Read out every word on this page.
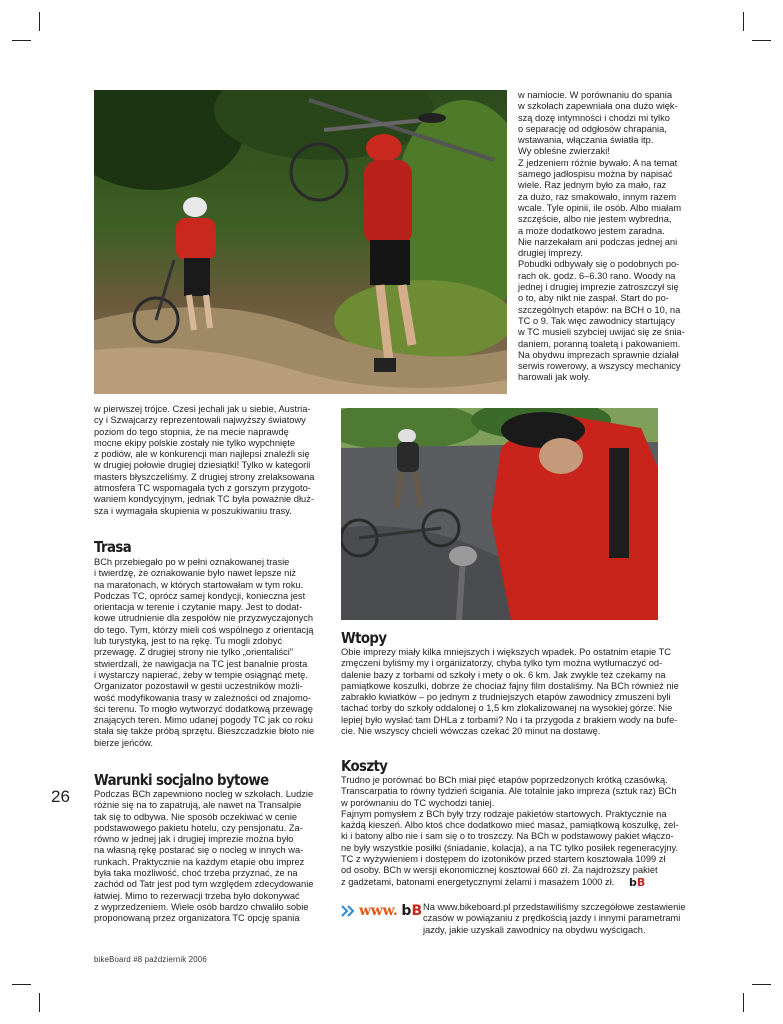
w namiocie. W porównaniu do spania
w szkołach zapewniała ona dużo więk-
szą dozę intymności i chodzi mi tylko
o separację od odgłosów chrapania,
wstawania, włączania światła itp.
Wy obleśne zwierzaki!
Z jedzeniem różnie bywało. A na temat
samego jadłospisu można by napisać
wiele. Raz jednym było za mało, raz
za dużo, raz smakowało, innym razem
wcale. Tyle opinii, ile osób. Albo miałam
szczęście, albo nie jestem wybredna,
a może dodatkowo jestem zaradna.
Nie narzekałam ani podczas jednej ani
drugiej imprezy.
Pobudki odbywały się o podobnych po-
rach ok. godz. 6–6.30 rano. Woody na
jednej i drugiej imprezie zatroszczył się
o to, aby nikt nie zaspał. Start do po-
szczególnych etapów: na BCH o 10, na
TC o 9. Tak więc zawodnicy startujący
w TC musieli szybciej uwijać się ze śnia-
daniem, poranną toaletą i pakowaniem.
Na obydwu imprezach sprawnie działał
serwis rowerowy, a wszyscy mechanicy
harowali jak woły.
w pierwszej trójce. Czesi jechali jak u siebie, Austria-
cy i Szwajcarzy reprezentowali najwyższy światowy
poziom do tego stopnia, że na mecie naprawdę
mocne ekipy polskie zostały nie tylko wypchnięte
z podiów, ale w konkurencji man najlepsi znaleźli się
w drugiej połowie drugiej dziesiątki! Tylko w kategorii
masters błyszczeliśmy. Z drugiej strony zrelaksowana
atmosfera TC wspomagała tych z gorszym przygoto-
waniem kondycyjnym, jednak TC była poważnie dłuż-
sza i wymagała skupienia w poszukiwaniu trasy.
Trasa
BCh przebiegało po w pełni oznakowanej trasie
i twierdzę, że oznakowanie było nawet lepsze niż
na maratonach, w których startowałam w tym roku.
Podczas TC, oprócz samej kondycji, konieczna jest
orientacja w terenie i czytanie mapy. Jest to dodat-
kowe utrudnienie dla zespołów nie przyzwyczajonych
do tego. Tym, którzy mieli coś wspólnego z orientacją
lub turystyką, jest to na rękę. Tu mogli zdobyć
przewagę. Z drugiej strony nie tylko „orientaliści”
stwierdzali, że nawigacja na TC jest banalnie prosta
i wystarczy napierać, żeby w tempie osiągnąć metę.
Organizator pozostawił w gestii uczestników możli-
wość modyfikowania trasy w zależności od znajomo-
ści terenu. To mogło wytworzyć dodatkową przewagę
znających teren. Mimo udanej pogody TC jak co roku
stała się także próbą sprzętu. Bieszczadzkie błoto nie
bierze jeńców.
Warunki socjalno bytowe
Podczas BCh zapewniono nocleg w szkołach. Ludzie
różnie się na to zapatrują, ale nawet na Transalpie
tak się to odbywa. Nie sposób oczekiwać w cenie
podstawowego pakietu hotelu, czy pensjonatu. Za-
równo w jednej jak i drugiej imprezie można było
na własną rękę postarać się o nocleg w innych wa-
runkach. Praktycznie na każdym etapie obu imprez
była taka możliwość, choć trzeba przyznać, że na
zachód od Tatr jest pod tym względem zdecydowanie
łatwiej. Mimo to rezerwacji trzeba było dokonywać
z wyprzedzeniem. Wiele osób bardzo chwaliło sobie
proponowaną przez organizatora TC opcję spania
Wtopy
Obie imprezy miały kilka mniejszych i większych wpadek. Po ostatnim etapie TC
zmęczeni byliśmy my i organizatorzy, chyba tylko tym można wytłumaczyć od-
dalenie bazy z torbami od szkoły i mety o ok. 6 km. Jak zwykle też czekamy na
pamiątkowe koszulki, dobrze że chociaż fajny film dostaliśmy. Na BCh również nie
zabrakło kwiatków – po jednym z trudniejszych etapów zawodnicy zmuszeni byli
tachać torby do szkoły oddalonej o 1,5 km zlokalizowanej na wysokiej górze. Nie
lepiej było wysłać tam DHLa z torbami? No i ta przygoda z brakiem wody na bufe-
cie. Nie wszyscy chcieli wówczas czekać 20 minut na dostawę.
Koszty
Trudno je porównać bo BCh miał pięć etapów poprzedzonych krótką czasówką.
Transcarpatia to równy tydzień ścigania. Ale totalnie jako impreza (sztuk raz) BCh
w porównaniu do TC wychodzi taniej.
Fajnym pomysłem z BCh były trzy rodzaje pakietów startowych. Praktycznie na
każdą kieszeń. Albo ktoś chce dodatkowo mieć masaż, pamiątkową koszulkę, żel-
ki i batony albo nie i sam się o to troszczy. Na BCh w podstawowy pakiet włączo-
ne były wszystkie posiłki (śniadanie, kolacja), a na TC tylko posiłek regeneracyjny.
TC z wyżywieniem i dostępem do izotoników przed startem kosztowała 1099 zł
od osoby. BCh w wersji ekonomicznej kosztował 660 zł. Za najdroższy pakiet
z gadżetami, batonami energetycznymi żelami i masażem 1000 zł.	bB
www. bB Na www.bikeboard.pl przedstawiliśmy szczegółowe zestawienie
czasów w powiązaniu z prędkością jazdy i innymi parametrami
jazdy, jakie uzyskali zawodnicy na obydwu wyścigach.
26
bikeBoard #8 październik 2006
